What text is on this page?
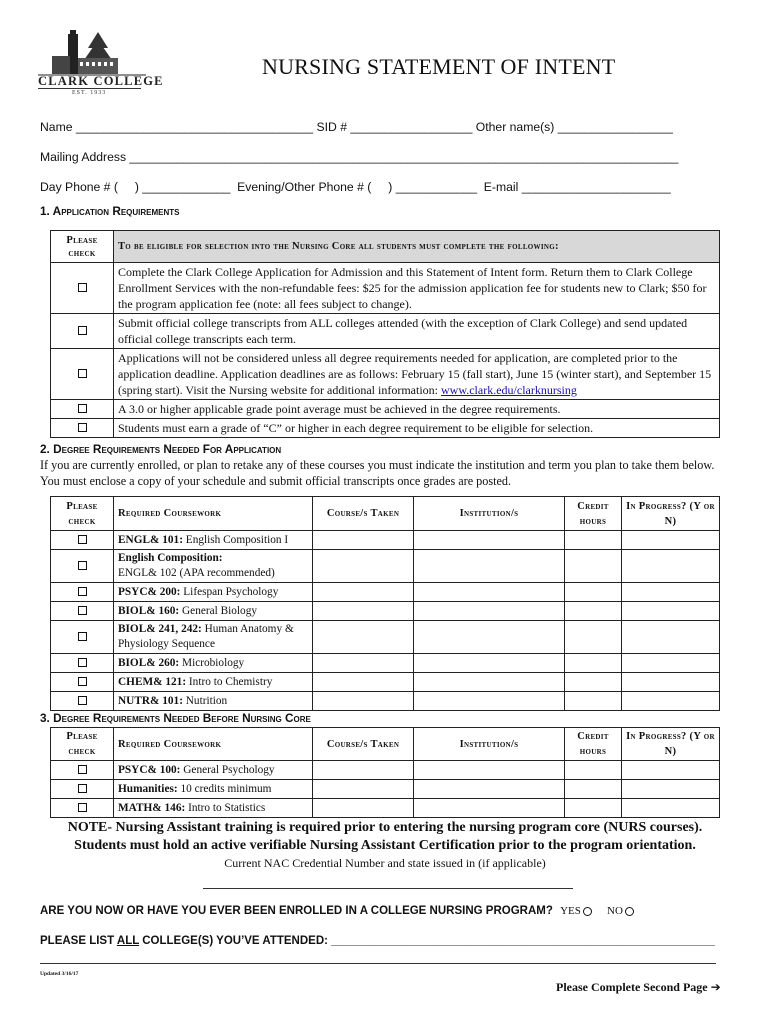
CLARK COLLEGE
EST. 1933
NURSING STATEMENT OF INTENT
Name ___________________________________ SID # __________________ Other name(s) _________________
Mailing Address _________________________________________________________________________________
Day Phone # (     ) _____________  Evening/Other Phone # (     ) ____________  E-mail ______________________
1. Application Requirements
Please check	To be eligible for selection into the Nursing Core all students must complete the following:
	Complete the Clark College Application for Admission and this Statement of Intent form. Return them to Clark College Enrollment Services with the non-refundable fees: $25 for the admission application fee for students new to Clark; $50 for the program application fee (note: all fees subject to change).
	Submit official college transcripts from ALL colleges attended (with the exception of Clark College) and send updated official college transcripts each term.
	Applications will not be considered unless all degree requirements needed for application, are completed prior to the application deadline. Application deadlines are as follows: February 15 (fall start), June 15 (winter start), and September 15 (spring start). Visit the Nursing website for additional information: www.clark.edu/clarknursing
	A 3.0 or higher applicable grade point average must be achieved in the degree requirements.
	Students must earn a grade of “C” or higher in each degree requirement to be eligible for selection.
2. Degree Requirements Needed For Application
If you are currently enrolled, or plan to retake any of these courses you must indicate the institution and term you plan to take them below. You must enclose a copy of your schedule and submit official transcripts once grades are posted.
Please check	Required Coursework	Course/s Taken	Institution/s	Credit hours	In Progress? (Y or N)
	ENGL& 101: English Composition I				
	English Composition:
ENGL& 102 (APA recommended)				
	PSYC& 200: Lifespan Psychology				
	BIOL& 160: General Biology				
	BIOL& 241, 242: Human Anatomy & Physiology Sequence				
	BIOL& 260: Microbiology				
	CHEM& 121: Intro to Chemistry				
	NUTR& 101: Nutrition				
3. Degree Requirements Needed Before Nursing Core
Please check	Required Coursework	Course/s Taken	Institution/s	Credit hours	In Progress? (Y or N)
	PSYC& 100: General Psychology				
	Humanities: 10 credits minimum				
	MATH& 146: Intro to Statistics				
NOTE- Nursing Assistant training is required prior to entering the nursing program core (NURS courses).
Students must hold an active verifiable Nursing Assistant Certification prior to the program orientation.
Current NAC Credential Number and state issued in (if applicable)
ARE YOU NOW OR HAVE YOU EVER BEEN ENROLLED IN A COLLEGE NURSING PROGRAM? YES NO
PLEASE LIST ALL COLLEGE(S) YOU’VE ATTENDED: ____________________________________________________________
Updated 3/16/17
Please Complete Second Page ➔
